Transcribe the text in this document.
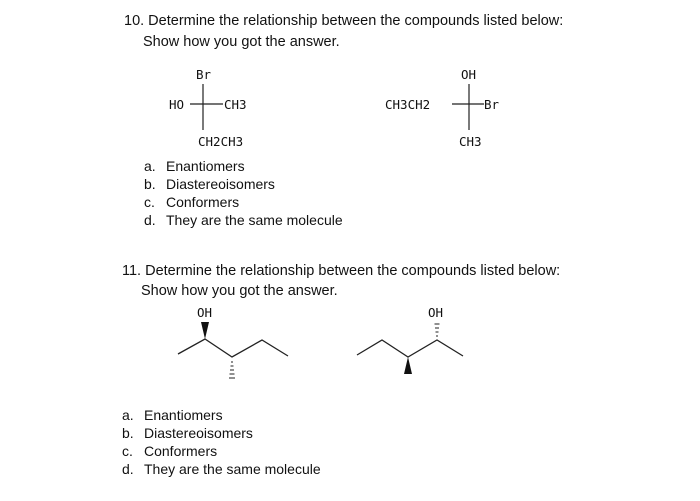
10. Determine the relationship between the compounds listed below:
Show how you got the answer.
Br
HO	CH3
CH2CH3
OH
CH3CH2	Br
CH3
a. Enantiomers
b. Diastereoisomers
c. Conformers
d. They are the same molecule
11. Determine the relationship between the compounds listed below:
Show how you got the answer.
OH	OH
a. Enantiomers
b. Diastereoisomers
c. Conformers
d. They are the same molecule
